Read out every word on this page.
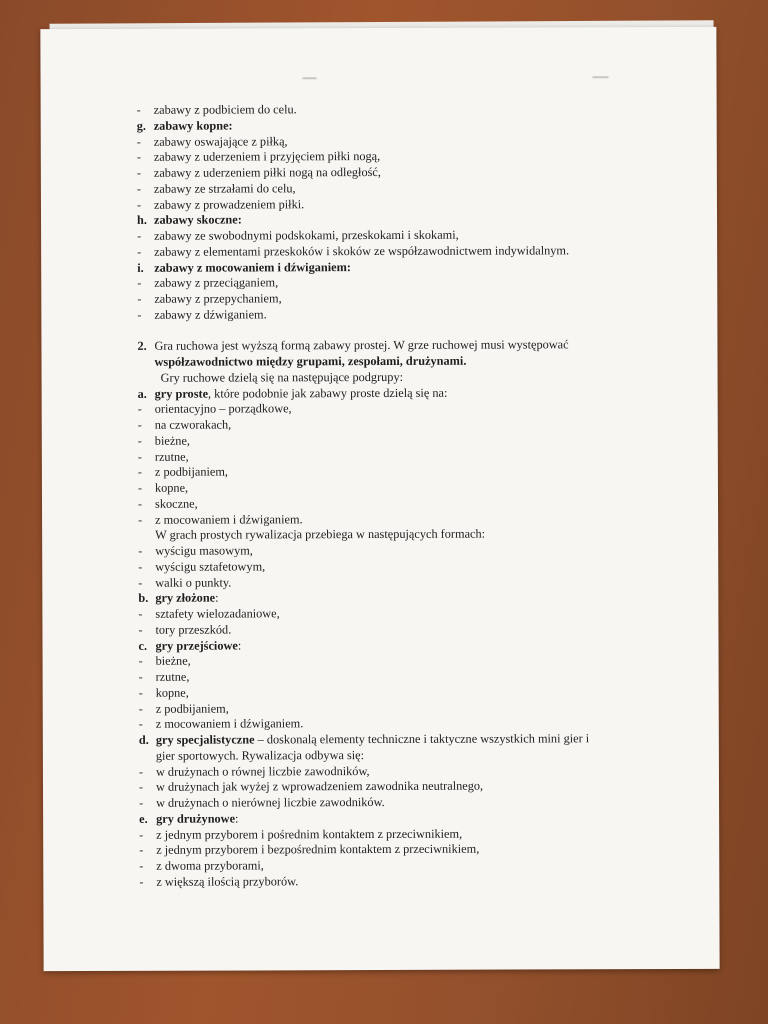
- zabawy z podbiciem do celu.
g. zabawy kopne:
- zabawy oswajające z piłką,
- zabawy z uderzeniem i przyjęciem piłki nogą,
- zabawy z uderzeniem piłki nogą na odległość,
- zabawy ze strzałami do celu,
- zabawy z prowadzeniem piłki.
h. zabawy skoczne:
- zabawy ze swobodnymi podskokami, przeskokami i skokami,
- zabawy z elementami przeskoków i skoków ze współzawodnictwem indywidalnym.
i. zabawy z mocowaniem i dźwiganiem:
- zabawy z przeciąganiem,
- zabawy z przepychaniem,
- zabawy z dźwiganiem.
2. Gra ruchowa jest wyższą formą zabawy prostej. W grze ruchowej musi występować
współzawodnictwo między grupami, zespołami, drużynami.
Gry ruchowe dzielą się na następujące podgrupy:
a. gry proste, które podobnie jak zabawy proste dzielą się na:
- orientacyjno – porządkowe,
- na czworakach,
- bieżne,
- rzutne,
- z podbijaniem,
- kopne,
- skoczne,
- z mocowaniem i dźwiganiem.
W grach prostych rywalizacja przebiega w następujących formach:
- wyścigu masowym,
- wyścigu sztafetowym,
- walki o punkty.
b. gry złożone:
- sztafety wielozadaniowe,
- tory przeszkód.
c. gry przejściowe:
- bieżne,
- rzutne,
- kopne,
- z podbijaniem,
- z mocowaniem i dźwiganiem.
d. gry specjalistyczne – doskonalą elementy techniczne i taktyczne wszystkich mini gier i
gier sportowych. Rywalizacja odbywa się:
- w drużynach o równej liczbie zawodników,
- w drużynach jak wyżej z wprowadzeniem zawodnika neutralnego,
- w drużynach o nierównej liczbie zawodników.
e. gry drużynowe:
- z jednym przyborem i pośrednim kontaktem z przeciwnikiem,
- z jednym przyborem i bezpośrednim kontaktem z przeciwnikiem,
- z dwoma przyborami,
- z większą ilością przyborów.
